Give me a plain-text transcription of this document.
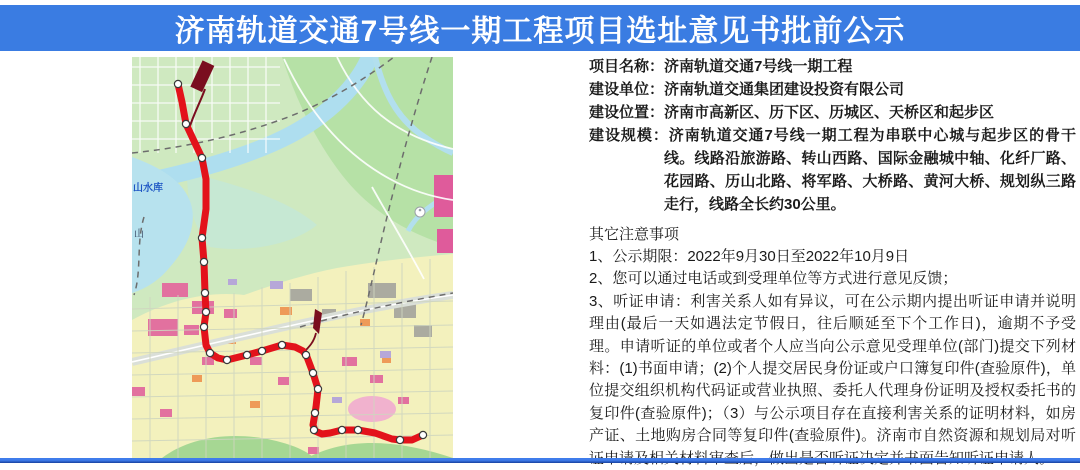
济南轨道交通7号线一期工程项目选址意见书批前公示
山水库
山
项目名称：济南轨道交通7号线一期工程
建设单位：济南轨道交通集团建设投资有限公司
建设位置：济南市高新区、历下区、历城区、天桥区和起步区
建设规模：济南轨道交通7号线一期工程为串联中心城与起步区的骨干线。线路沿旅游路、转山西路、国际金融城中轴、化纤厂路、花园路、历山北路、将军路、大桥路、黄河大桥、规划纵三路走行，线路全长约30公里。
其它注意事项
1、公示期限：2022年9月30日至2022年10月9日
2、您可以通过电话或到受理单位等方式进行意见反馈；
3、听证申请：利害关系人如有异议，可在公示期内提出听证申请并说明理由(最后一天如遇法定节假日，往后顺延至下个工作日)，逾期不予受理。申请听证的单位或者个人应当向公示意见受理单位(部门)提交下列材料：(1)书面申请；(2)个人提交居民身份证或户口簿复印件(查验原件)，单位提交组织机构代码证或营业执照、委托人代理身份证明及授权委托书的复印件(查验原件)；（3）与公示项目存在直接利害关系的证明材料，如房产证、土地购房合同等复印件(查验原件)。济南市自然资源和规划局对听
